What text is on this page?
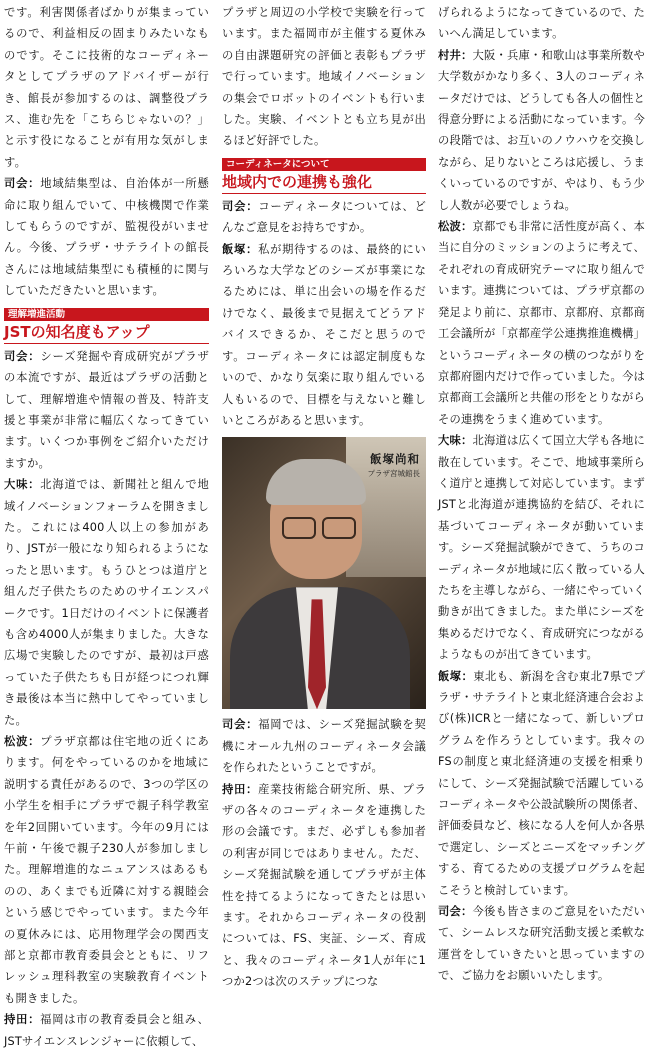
です。利害関係者ばかりが集まっているので、利益相反の固まりみたいなものです。そこに技術的なコーディネータとしてプラザのアドバイザーが行き、館長が参加するのは、調整役プラス、進む先を「こちらじゃないの？」と示す役になることが有用な気がします。

司会：地域結集型は、自治体が一所懸命に取り組んでいて、中核機関で作業してもらうのですが、監視役がいません。今後、プラザ・サテライトの館長さんには地域結集型にも積極的に関与していただきたいと思います。

理解増進活動
JSTの知名度もアップ

司会：シーズ発掘や育成研究がプラザの本流ですが、最近はプラザの活動として、理解増進や情報の普及、特許支援と事業が非常に幅広くなってきています。いくつか事例をご紹介いただけますか。

大味：北海道では、新聞社と組んで地域イノベーションフォーラムを開きました。これには400人以上の参加があり、JSTが一般になり知られるようになったと思います。もうひとつは道庁と組んだ子供たちのためのサイエンスパークです。1日だけのイベントに保護者も含め4000人が集まりました。大きな広場で実験したのですが、最初は戸惑っていた子供たちも日が経つにつれ輝き最後は本当に熱中してやっていました。

松波：プラザ京都は住宅地の近くにあります。何をやっているのかを地域に説明する責任があるので、3つの学区の小学生を相手にプラザで親子科学教室を年2回開いています。今年の9月には午前・午後で親子230人が参加しました。理解増進的なニュアンスはあるものの、あくまでも近隣に対する親睦会という感じでやっています。また今年の夏休みには、応用物理学会の関西支部と京都市教育委員会とともに、リフレッシュ理科教室の実験教育イベントも開きました。

持田：福岡は市の教育委員会と組み、JSTサイエンスレンジャーに依頼して、

プラザと周辺の小学校で実験を行っています。また福岡市が主催する夏休みの自由課題研究の評価と表彰もプラザで行っています。地域イノベーションの集会でロボットのイベントも行いました。実験、イベントとも立ち見が出るほど好評でした。

コーディネータについて
地域内での連携も強化

司会：コーディネータについては、どんなご意見をお持ちですか。

飯塚：私が期待するのは、最終的にいろいろな大学などのシーズが事業になるためには、単に出会いの場を作るだけでなく、最後まで見据えてどうアドバイスできるか、そこだと思うのです。コーディネータには認定制度もないので、かなり気楽に取り組んでいる人もいるので、目標を与えないと難しいところがあると思います。

飯塚尚和
プラザ宮城館長

司会：福岡では、シーズ発掘試験を契機にオール九州のコーディネータ会議を作られたということですが。

持田：産業技術総合研究所、県、プラザの各々のコーディネータを連携した形の会議です。まだ、必ずしも参加者の利害が同じではありません。ただ、シーズ発掘試験を通してプラザが主体性を持てるようになってきたとは思います。それからコーディネータの役割については、FS、実証、シーズ、育成と、我々のコーディネータ1人が年に1つか2つは次のステップにつな

げられるようになってきているので、たいへん満足しています。

村井：大阪・兵庫・和歌山は事業所数や大学数がかなり多く、3人のコーディネータだけでは、どうしても各人の個性と得意分野による活動になっています。今の段階では、お互いのノウハウを交換しながら、足りないところは応援し、うまくいっているのですが、やはり、もう少し人数が必要でしょうね。

松波：京都でも非常に活性度が高く、本当に自分のミッションのように考えて、それぞれの育成研究テーマに取り組んでいます。連携については、プラザ京都の発足より前に、京都市、京都府、京都商工会議所が「京都産学公連携推進機構」というコーディネータの横のつながりを京都府圏内だけで作っていました。今は京都商工会議所と共催の形をとりながらその連携をうまく進めています。

大味：北海道は広くて国立大学も各地に散在しています。そこで、地域事業所らく道庁と連携して対応しています。まずJSTと北海道が連携協約を結び、それに基づいてコーディネータが動いています。シーズ発掘試験ができて、うちのコーディネータが地域に広く散っている人たちを主導しながら、一緒にやっていく動きが出てきました。また単にシーズを集めるだけでなく、育成研究につながるようなものが出てきています。

飯塚：東北も、新潟を含む東北7県でプラザ・サテライトと東北経済連合会および(株)ICRと一緒になって、新しいプログラムを作ろうとしています。我々のFSの制度と東北経済連の支援を相乗りにして、シーズ発掘試験で活躍しているコーディネータや公設試験所の関係者、評価委員など、核になる人を何人か各県で選定し、シーズとニーズをマッチングする、育てるための支援プログラムを起こそうと検討しています。

司会：今後も皆さまのご意見をいただいて、シームレスな研究活動支援と柔軟な運営をしていきたいと思っていますので、ご協力をお願いいたします。
